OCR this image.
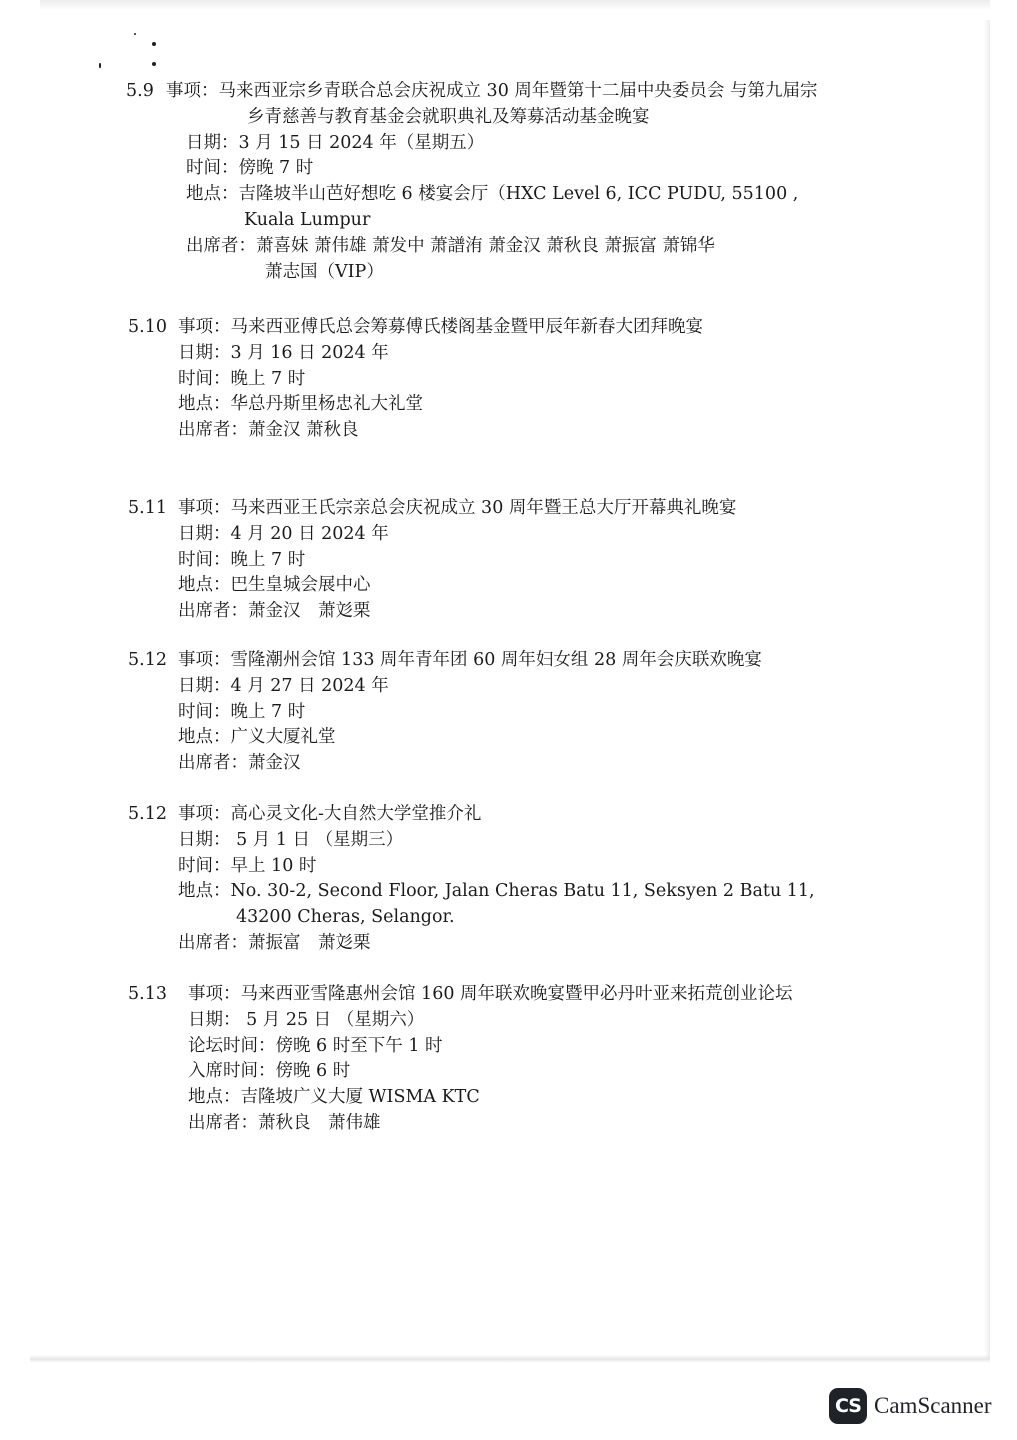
5.9 事项：马来西亚宗乡青联合总会庆祝成立 30 周年暨第十二届中央委员会 与第九届宗
乡青慈善与教育基金会就职典礼及筹募活动基金晚宴
日期：3 月 15 日 2024 年（星期五）
时间：傍晚 7 时
地点：吉隆坡半山芭好想吃 6 楼宴会厅（HXC Level 6, ICC PUDU, 55100 ,
Kuala Lumpur
出席者：萧喜妹 萧伟雄 萧发中 萧譜洧 萧金汉 萧秋良 萧振富 萧锦华
萧志国（VIP）
5.10 事项：马来西亚傅氏总会筹募傅氏楼阁基金暨甲辰年新春大团拜晚宴
日期：3 月 16 日 2024 年
时间：晚上 7 时
地点：华总丹斯里杨忠礼大礼堂
出席者：萧金汉 萧秋良
5.11 事项：马来西亚王氏宗亲总会庆祝成立 30 周年暨王总大厅开幕典礼晚宴
日期：4 月 20 日 2024 年
时间：晚上 7 时
地点：巴生皇城会展中心
出席者：萧金汉　萧彣栗
5.12 事项：雪隆潮州会馆 133 周年青年团 60 周年妇女组 28 周年会庆联欢晚宴
日期：4 月 27 日 2024 年
时间：晚上 7 时
地点：广义大厦礼堂
出席者：萧金汉
5.12 事项：高心灵文化-大自然大学堂推介礼
日期： 5 月 1 日 （星期三）
时间：早上 10 时
地点：No. 30-2, Second Floor, Jalan Cheras Batu 11, Seksyen 2 Batu 11,
43200 Cheras, Selangor.
出席者：萧振富　萧彣栗
5.13 事项：马来西亚雪隆惠州会馆 160 周年联欢晚宴暨甲必丹叶亚来拓荒创业论坛
日期： 5 月 25 日 （星期六）
论坛时间：傍晚 6 时至下午 1 时
入席时间：傍晚 6 时
地点：吉隆坡广义大厦 WISMA KTC
出席者：萧秋良　萧伟雄
CS CamScanner
